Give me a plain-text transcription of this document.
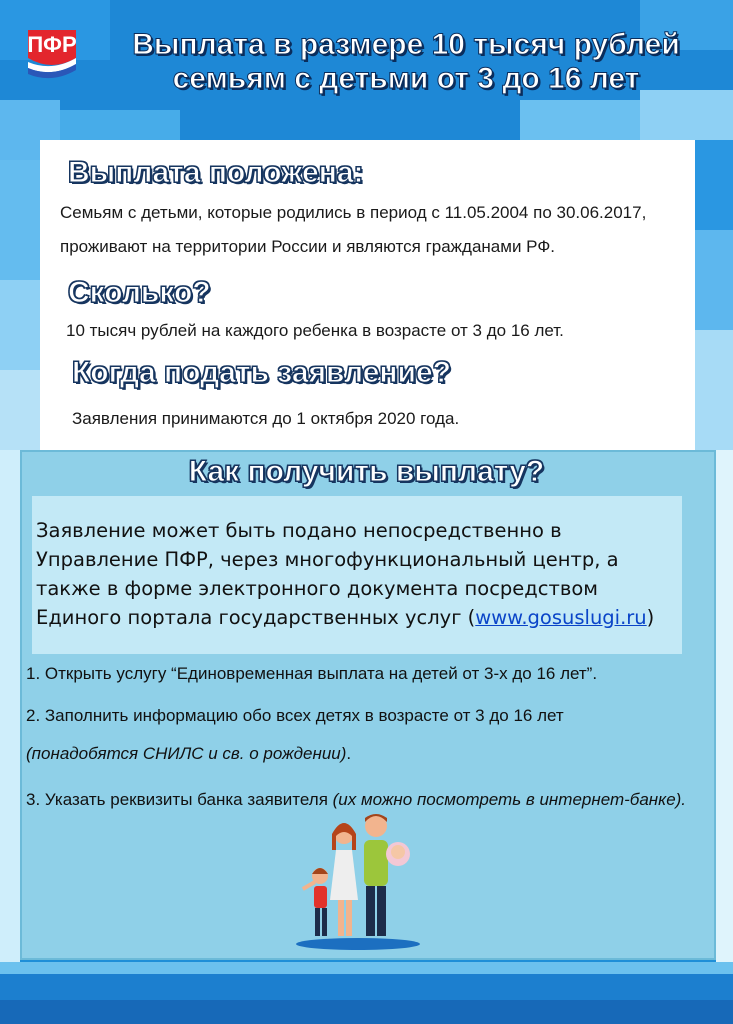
ПФР	Выплата в размере 10 тысяч рублей
семьям с детьми от 3 до 16 лет
Выплата положена:
Семьям с детьми, которые родились в период с 11.05.2004 по 30.06.2017,
проживают на территории России и являются гражданами РФ.
Сколько?
10 тысяч рублей на каждого ребенка в возрасте от 3 до 16 лет.
Когда подать заявление?
Заявления принимаются до 1 октября 2020 года.
Как получить выплату?
Заявление может быть подано непосредственно в
Управление ПФР, через многофункциональный центр, а
также в форме электронного документа посредством
Единого портала государственных услуг (www.gosuslugi.ru)
1. Открыть услугу “Единовременная выплата на детей от 3-х до 16 лет”.
2. Заполнить информацию обо всех детях в возрасте от 3 до 16 лет
(понадобятся СНИЛС и св. о рождении).
3. Указать реквизиты банка заявителя (их можно посмотреть в интернет-банке).
